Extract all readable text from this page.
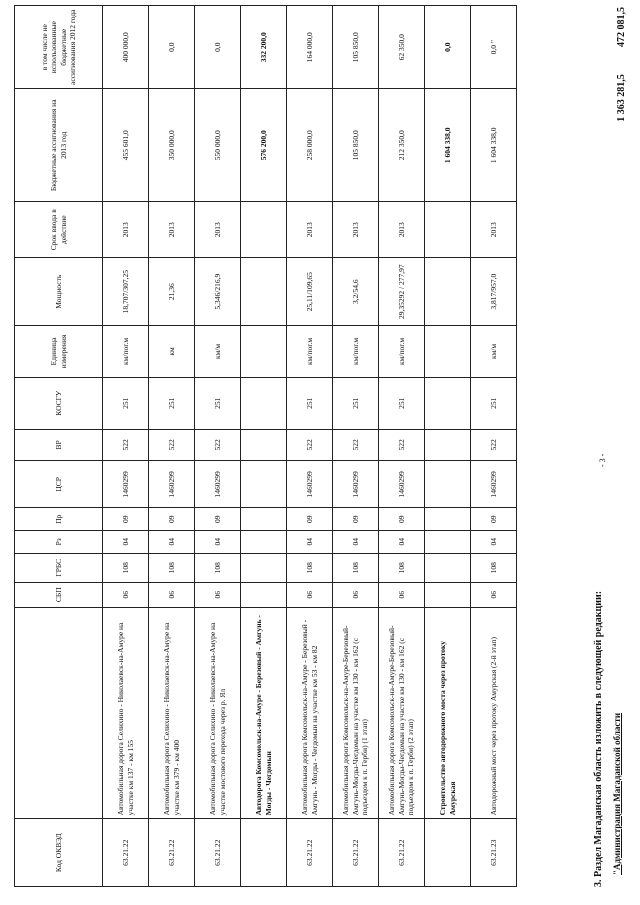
Код ОКВЭД		СБП	ГРБС	Рз	Пр	ЦСР	ВР	КОСГУ	Единица измерения	Мощность	Срок ввода в действие	Бюджетные ассигнования на 2013 год	в том числе не использованные бюджетные ассигнования 2012 года
63.21.22	Автомобильная дорога Селихино - Николаевск-на-Амуре на участке км 137 - км 155	06	108	04	09	1460299	522	251	км/пог.м	18,707/307,25	2013	455 601,0	400 000,0
63.21.22	Автомобильная дорога Селихино - Николаевск-на-Амуре на участке км 379 - км 400	06	108	04	09	1460299	522	251	км	21,36	2013	350 000,0	0,0
63.21.22	Автомобильная дорога Селихино - Николаевск-на-Амуре на участке мостового перехода через р. Ял	06	108	04	09	1460299	522	251	км/м	5,346/216,9	2013	550 000,0	0,0
	Автодорога Комсомольск-на-Амуре - Березовый - Амгунь - Могды - Чегдомын											576 200,0	332 200,0
63.21.22	Автомобильная дорога Комсомольск-на-Амуре - Березовый - Амгунь - Могды - Чегдомын на участке км 53 - км 82	06	108	04	09	1460299	522	251	км/пог.м	25,11/109,65	2013	258 000,0	164 000,0
63.21.22	Автомобильная дорога Комсомольск-на-Амуре-Березовый-Амгунь-Могды-Чегдомын на участке км 130 - км 162 (с подъездом к п. Герби) (1 этап)	06	108	04	09	1460299	522	251	км/пог.м	3,2/54,6	2013	105 850,0	105 850,0
63.21.22	Автомобильная дорога Комсомольск-на-Амуре-Березовый-Амгунь-Могды-Чегдомын на участке км 130 - км 162 (с подъездом к п. Герби) (2 этап)	06	108	04	09	1460299	522	251	км/пог.м	29,35292 / 277,97	2013	212 350,0	62 350,0
	Строительство автодорожного моста через протоку Амурская											1 604 338,0	0,0
63.21.23	Автодорожный мост через протоку Амурская (2-й этап)	06	108	04	09	1460299	522	251	км/м	3,817/957,0	2013	1 604 338,0	0,0 "
3. Раздел Магаданская область изложить в следующей редакции: "Администрация Магаданской области
- 3 -
1 363 281,5
472 081,5
